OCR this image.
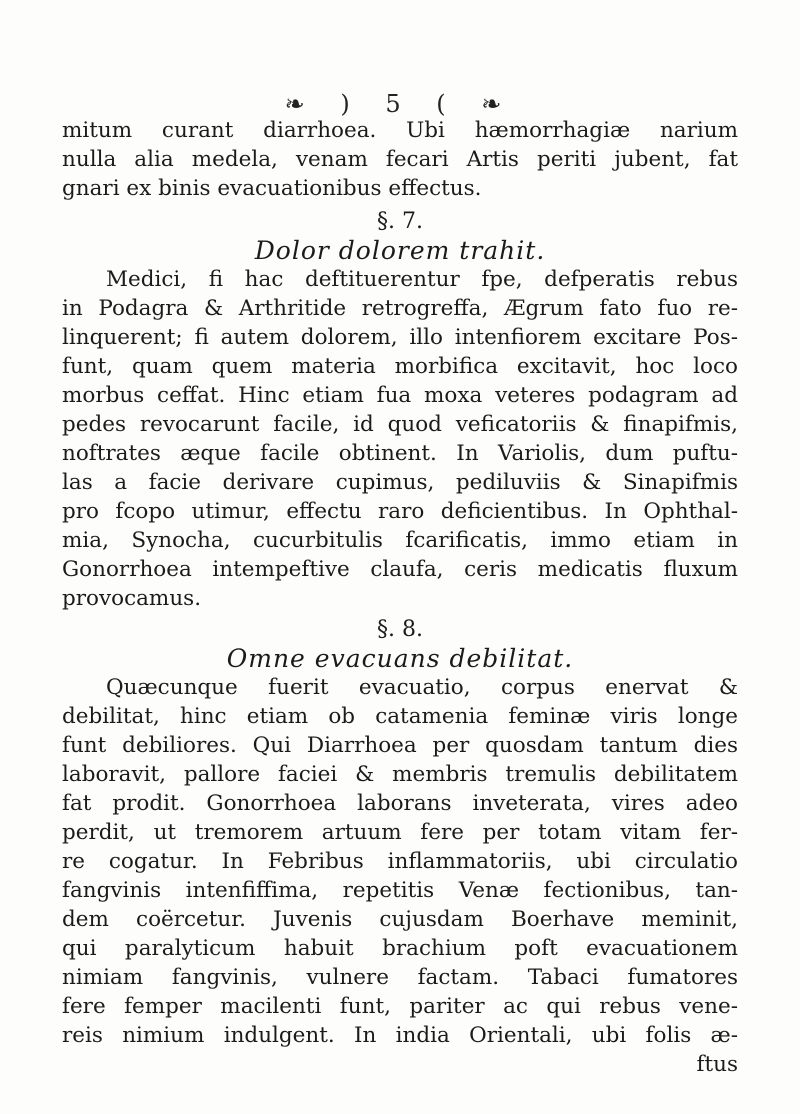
❧ ) 5 ( ❧
mitum curant diarrhoea. Ubi hæmorrhagiæ narium
nulla alia medela, venam fecari Artis periti jubent, fat
gnari ex binis evacuationibus effectus.
§. 7.
Dolor dolorem trahit.
Medici, fi hac deftituerentur fpe, defperatis rebus
in Podagra & Arthritide retrogreffa, Ægrum fato fuo re-
linquerent; fi autem dolorem, illo intenfiorem excitare Pos-
funt, quam quem materia morbifica excitavit, hoc loco
morbus ceffat. Hinc etiam fua moxa veteres podagram ad
pedes revocarunt facile, id quod veficatoriis & finapifmis,
noftrates æque facile obtinent. In Variolis, dum puftu-
las a facie derivare cupimus, pediluviis & Sinapifmis
pro fcopo utimur, effectu raro deficientibus. In Ophthal-
mia, Synocha, cucurbitulis fcarificatis, immo etiam in
Gonorrhoea intempeftive claufa, ceris medicatis fluxum
provocamus.
§. 8.
Omne evacuans debilitat.
Quæcunque fuerit evacuatio, corpus enervat &
debilitat, hinc etiam ob catamenia feminæ viris longe
funt debiliores. Qui Diarrhoea per quosdam tantum dies
laboravit, pallore faciei & membris tremulis debilitatem
fat prodit. Gonorrhoea laborans inveterata, vires adeo
perdit, ut tremorem artuum fere per totam vitam fer-
re cogatur. In Febribus inflammatoriis, ubi circulatio
fangvinis intenfiffima, repetitis Venæ fectionibus, tan-
dem coërcetur. Juvenis cujusdam Boerhave meminit,
qui paralyticum habuit brachium poft evacuationem
nimiam fangvinis, vulnere factam. Tabaci fumatores
fere femper macilenti funt, pariter ac qui rebus vene-
reis nimium indulgent. In india Orientali, ubi folis æ-
ftus
